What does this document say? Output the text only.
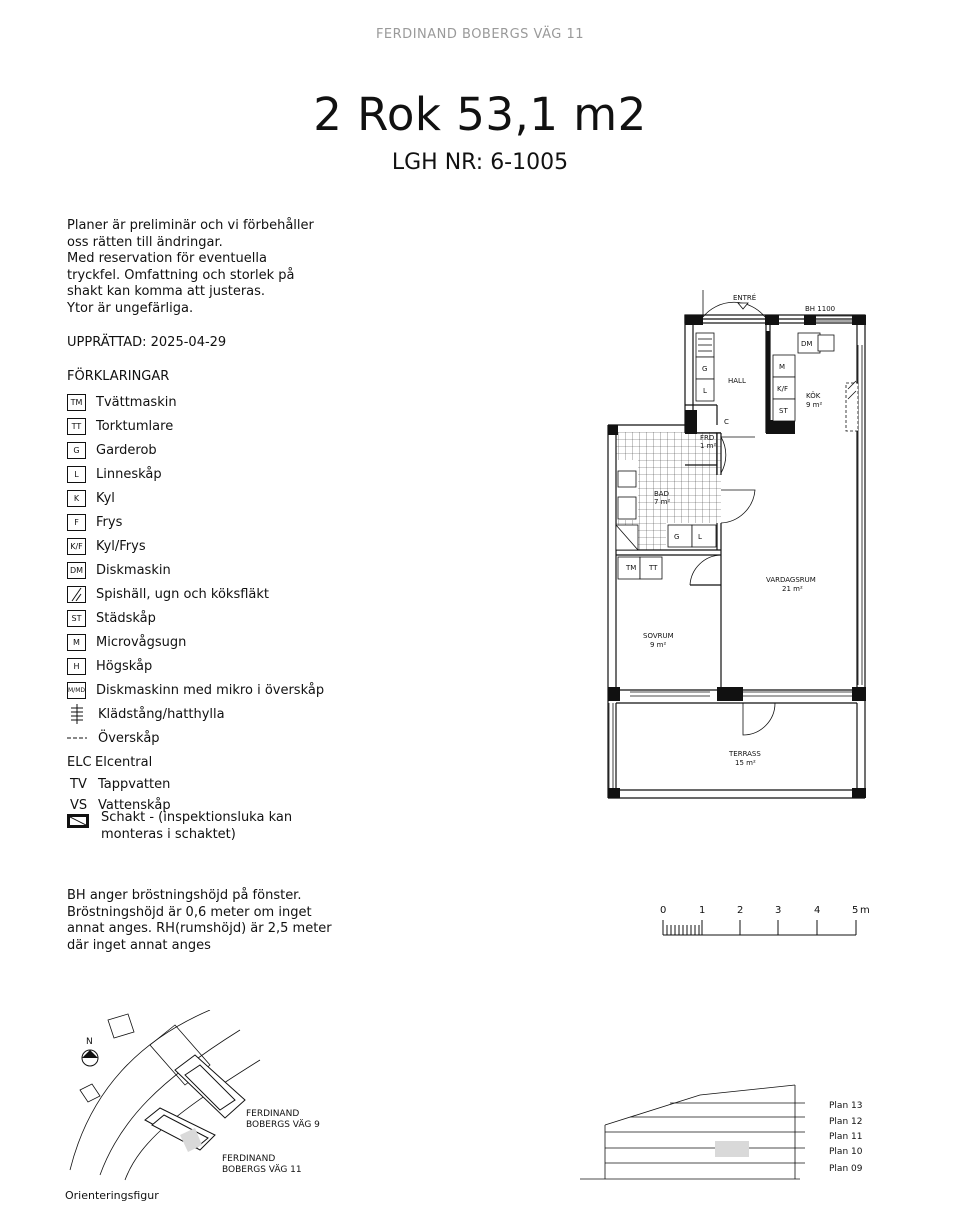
FERDINAND BOBERGS VÄG 11
2 Rok 53,1 m2
LGH NR: 6-1005
Planer är preliminär och vi förbehåller
oss rätten till ändringar.
Med reservation för eventuella
tryckfel. Omfattning och storlek på
shakt kan komma att justeras.
Ytor är ungefärliga.
UPPRÄTTAD: 2025-04-29
FÖRKLARINGAR
TM Tvättmaskin
TT	Torktumlare
G	Garderob
L	Linneskåp
K	Kyl
F	Frys
K/F Kyl/Frys
DM Diskmaskin
Spishäll, ugn och köksfläkt
ST	Städskåp
M	Microvågsugn
H	Högskåp
M/MD Diskmaskinn med mikro i överskåp
Klädstång/hatthylla
Överskåp
ELC Elcentral
TV Tappvatten
VS Vattenskåp
Schakt - (inspektionsluka kan
monteras i schaktet)
BH anger bröstningshöjd på fönster.
Bröstningshöjd är 0,6 meter om inget
annat anges. RH(rumshöjd) är 2,5 meter
där inget annat anges
ENTRÉ
BH 1100
G
L
C
M
K/F
ST
DM
G	L
TM TT
HALL
KÖK
9 m²
FRD
1 m²
BAD
7 m²
VARDAGSRUM
21 m²
SOVRUM
9 m²
TERRASS
15 m²
0	1	2	3	4	5 m
N
FERDINAND
BOBERGS VÄG 9
FERDINAND
BOBERGS VÄG 11
Orienteringsfigur
Plan 13
Plan 12
Plan 11
Plan 10
Plan 09
